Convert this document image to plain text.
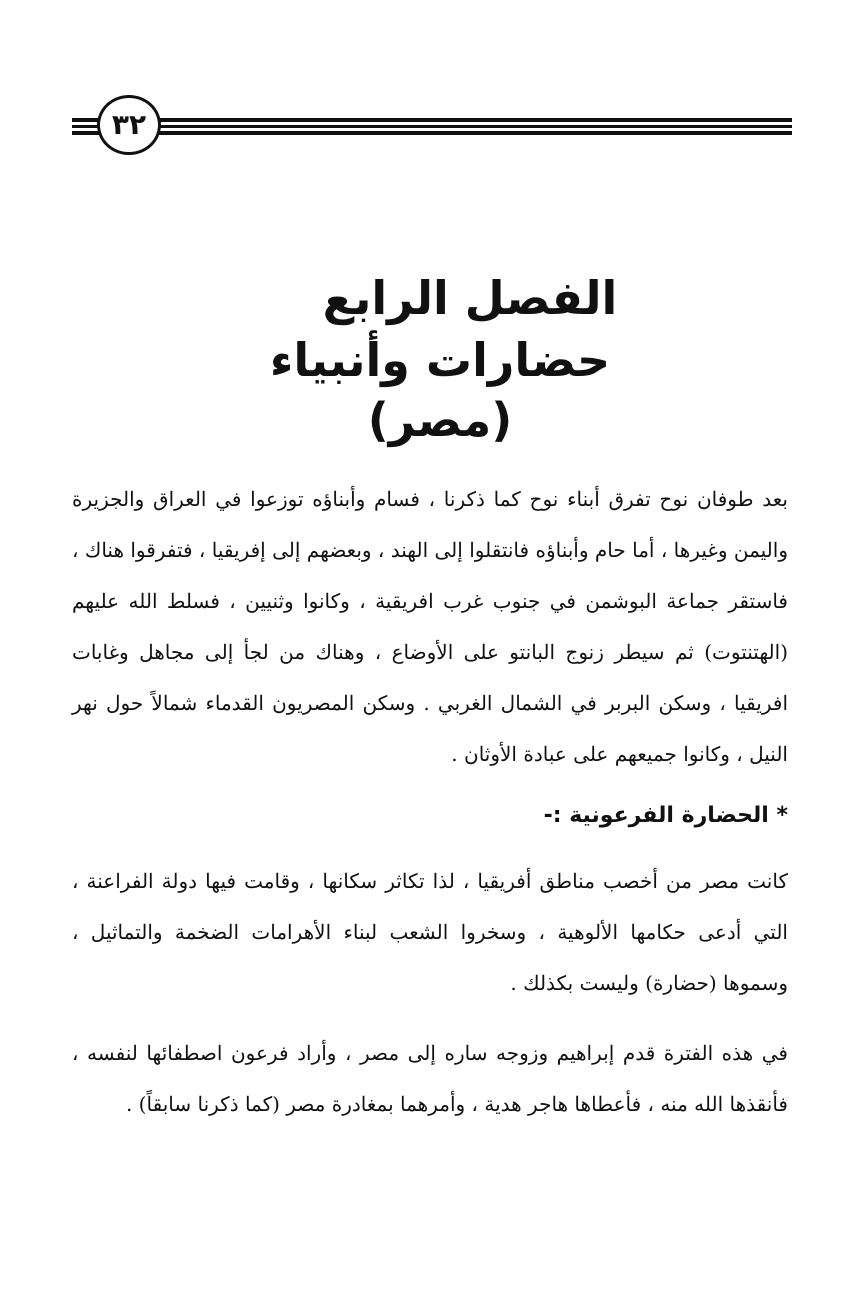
٣٢
الفصل الرابع
حضارات وأنبياء (مصر)
بعد طوفان نوح تفرق أبناء نوح كما ذكرنا ، فسام وأبناؤه توزعوا في العراق والجزيرة واليمن وغيرها ، أما حام وأبناؤه فانتقلوا إلى الهند ، وبعضهم إلى إفريقيا ، فتفرقوا هناك ، فاستقر جماعة البوشمن في جنوب غرب افريقية ، وكانوا وثنيين ، فسلط الله عليهم (الهتنتوت) ثم سيطر زنوج البانتو على الأوضاع ، وهناك من لجأ إلى مجاهل وغابات افريقيا ، وسكن البربر في الشمال الغربي . وسكن المصريون القدماء شمالاً حول نهر النيل ، وكانوا جميعهم على عبادة الأوثان .
* الحضارة الفرعونية :-
كانت مصر من أخصب مناطق أفريقيا ، لذا تكاثر سكانها ، وقامت فيها دولة الفراعنة ، التي أدعى حكامها الألوهية ، وسخروا الشعب لبناء الأهرامات الضخمة والتماثيل ، وسموها (حضارة) وليست بكذلك .
في هذه الفترة قدم إبراهيم وزوجه ساره إلى مصر ، وأراد فرعون اصطفائها لنفسه ، فأنقذها الله منه ، فأعطاها هاجر هدية ، وأمرهما بمغادرة مصر (كما ذكرنا سابقاً) .
